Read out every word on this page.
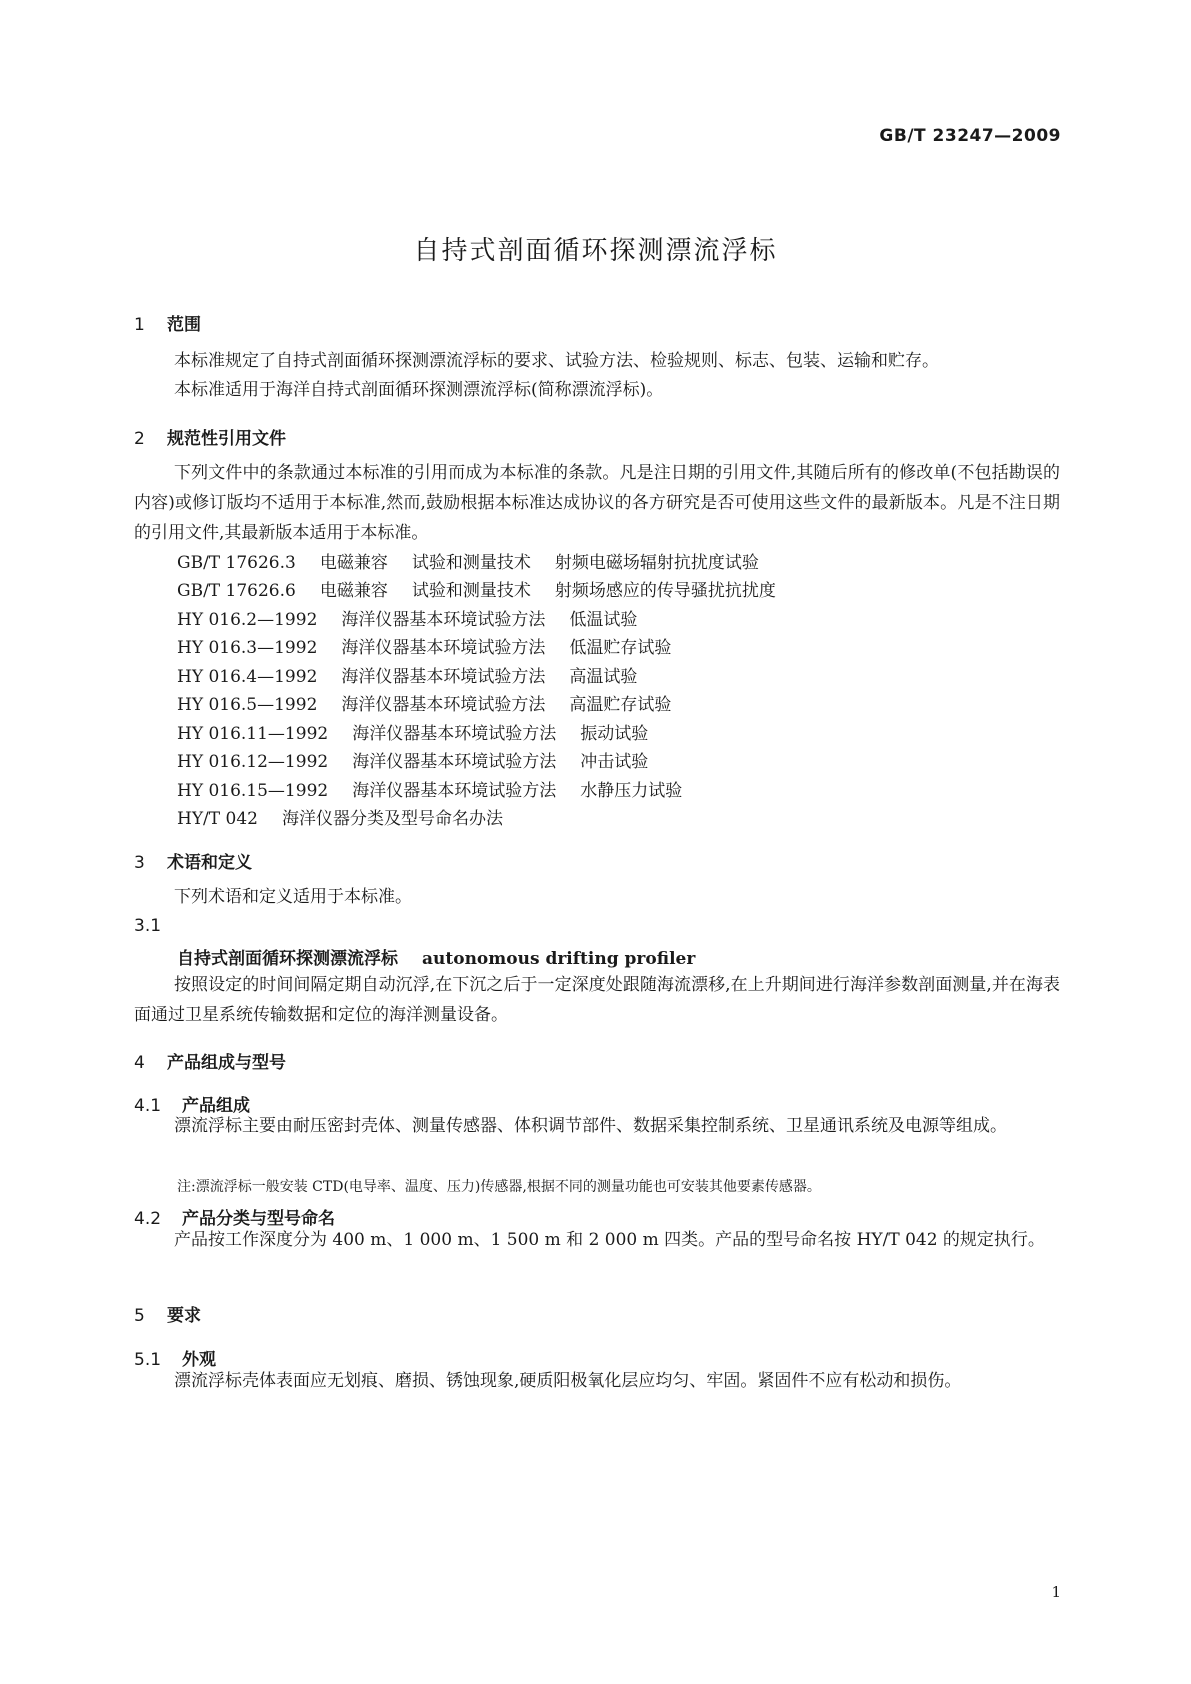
GB/T 23247—2009
自持式剖面循环探测漂流浮标
1 范围
本标准规定了自持式剖面循环探测漂流浮标的要求、试验方法、检验规则、标志、包装、运输和贮存。
本标准适用于海洋自持式剖面循环探测漂流浮标(简称漂流浮标)。
2 规范性引用文件
下列文件中的条款通过本标准的引用而成为本标准的条款。凡是注日期的引用文件,其随后所有的修改单(不包括勘误的内容)或修订版均不适用于本标准,然而,鼓励根据本标准达成协议的各方研究是否可使用这些文件的最新版本。凡是不注日期的引用文件,其最新版本适用于本标准。
GB/T 17626.3 电磁兼容 试验和测量技术 射频电磁场辐射抗扰度试验
GB/T 17626.6 电磁兼容 试验和测量技术 射频场感应的传导骚扰抗扰度
HY 016.2—1992 海洋仪器基本环境试验方法 低温试验
HY 016.3—1992 海洋仪器基本环境试验方法 低温贮存试验
HY 016.4—1992 海洋仪器基本环境试验方法 高温试验
HY 016.5—1992 海洋仪器基本环境试验方法 高温贮存试验
HY 016.11—1992 海洋仪器基本环境试验方法 振动试验
HY 016.12—1992 海洋仪器基本环境试验方法 冲击试验
HY 016.15—1992 海洋仪器基本环境试验方法 水静压力试验
HY/T 042 海洋仪器分类及型号命名办法
3 术语和定义
下列术语和定义适用于本标准。
3.1
自持式剖面循环探测漂流浮标 autonomous drifting profiler
按照设定的时间间隔定期自动沉浮,在下沉之后于一定深度处跟随海流漂移,在上升期间进行海洋参数剖面测量,并在海表面通过卫星系统传输数据和定位的海洋测量设备。
4 产品组成与型号
4.1 产品组成
漂流浮标主要由耐压密封壳体、测量传感器、体积调节部件、数据采集控制系统、卫星通讯系统及电源等组成。
注:漂流浮标一般安装 CTD(电导率、温度、压力)传感器,根据不同的测量功能也可安装其他要素传感器。
4.2 产品分类与型号命名
产品按工作深度分为 400 m、1 000 m、1 500 m 和 2 000 m 四类。产品的型号命名按 HY/T 042 的规定执行。
5 要求
5.1 外观
漂流浮标壳体表面应无划痕、磨损、锈蚀现象,硬质阳极氧化层应均匀、牢固。紧固件不应有松动和损伤。
1
